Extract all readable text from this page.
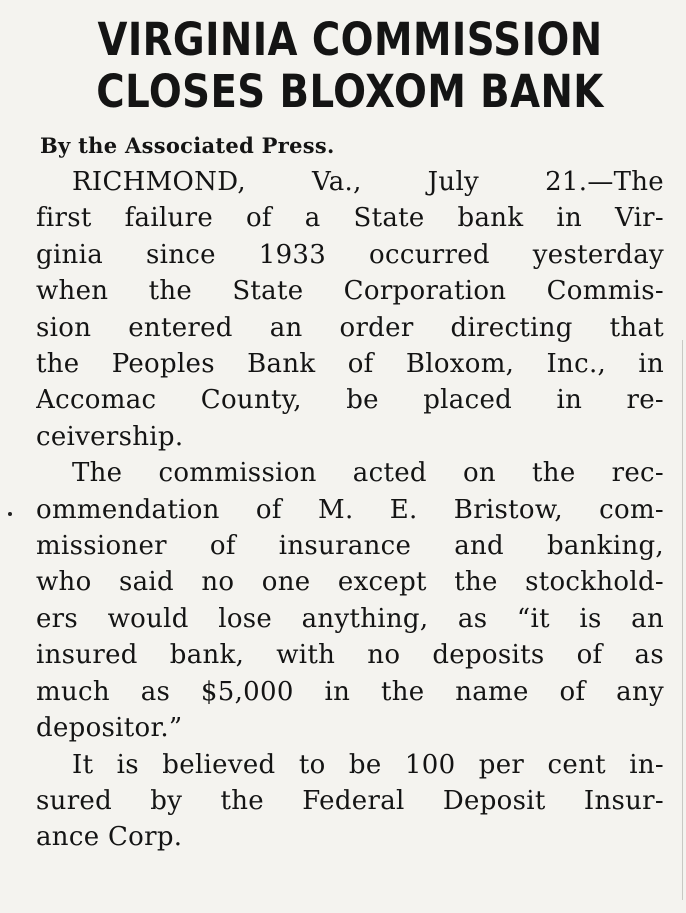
VIRGINIA COMMISSION
CLOSES BLOXOM BANK
By the Associated Press.

RICHMOND, Va., July 21.—The
first failure of a State bank in Vir-
ginia since 1933 occurred yesterday
when the State Corporation Commis-
sion entered an order directing that
the Peoples Bank of Bloxom, Inc., in
Accomac County, be placed in re-
ceivership.

The commission acted on the rec-
ommendation of M. E. Bristow, com-
missioner of insurance and banking,
who said no one except the stockhold-
ers would lose anything, as “it is an
insured bank, with no deposits of as
much as $5,000 in the name of any
depositor.”

It is believed to be 100 per cent in-
sured by the Federal Deposit Insur-
ance Corp.
